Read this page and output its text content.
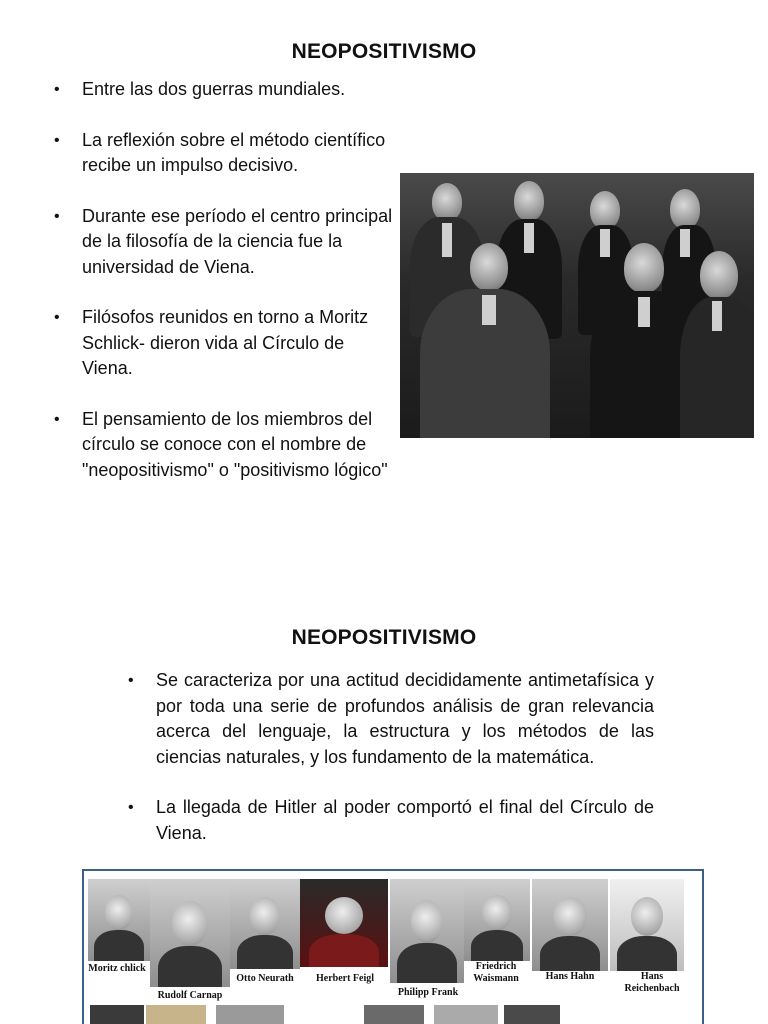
NEOPOSITIVISMO
• Entre las dos guerras mundiales.
• La reflexión sobre el método científico recibe un impulso decisivo.
• Durante ese período el centro principal de la filosofía de la ciencia fue la universidad de Viena.
• Filósofos reunidos en torno a Moritz Schlick- dieron vida al Círculo de Viena.
• El pensamiento de los miembros del círculo se conoce con el nombre de "neopositivismo" o "positivismo lógico"
NEOPOSITIVISMO
• Se caracteriza por una actitud decididamente antimetafísica y por toda una serie de profundos análisis de gran relevancia acerca del lenguaje, la estructura y los métodos de las ciencias naturales, y los fundamento de la matemática.
• La llegada de Hitler al poder comportó el final del Círculo de Viena.
Moritz chlick
Rudolf Carnap
Otto Neurath	Herbert Feigl
Philipp Frank
Friedrich Waismann	Hans Hahn	Hans Reichenbach
